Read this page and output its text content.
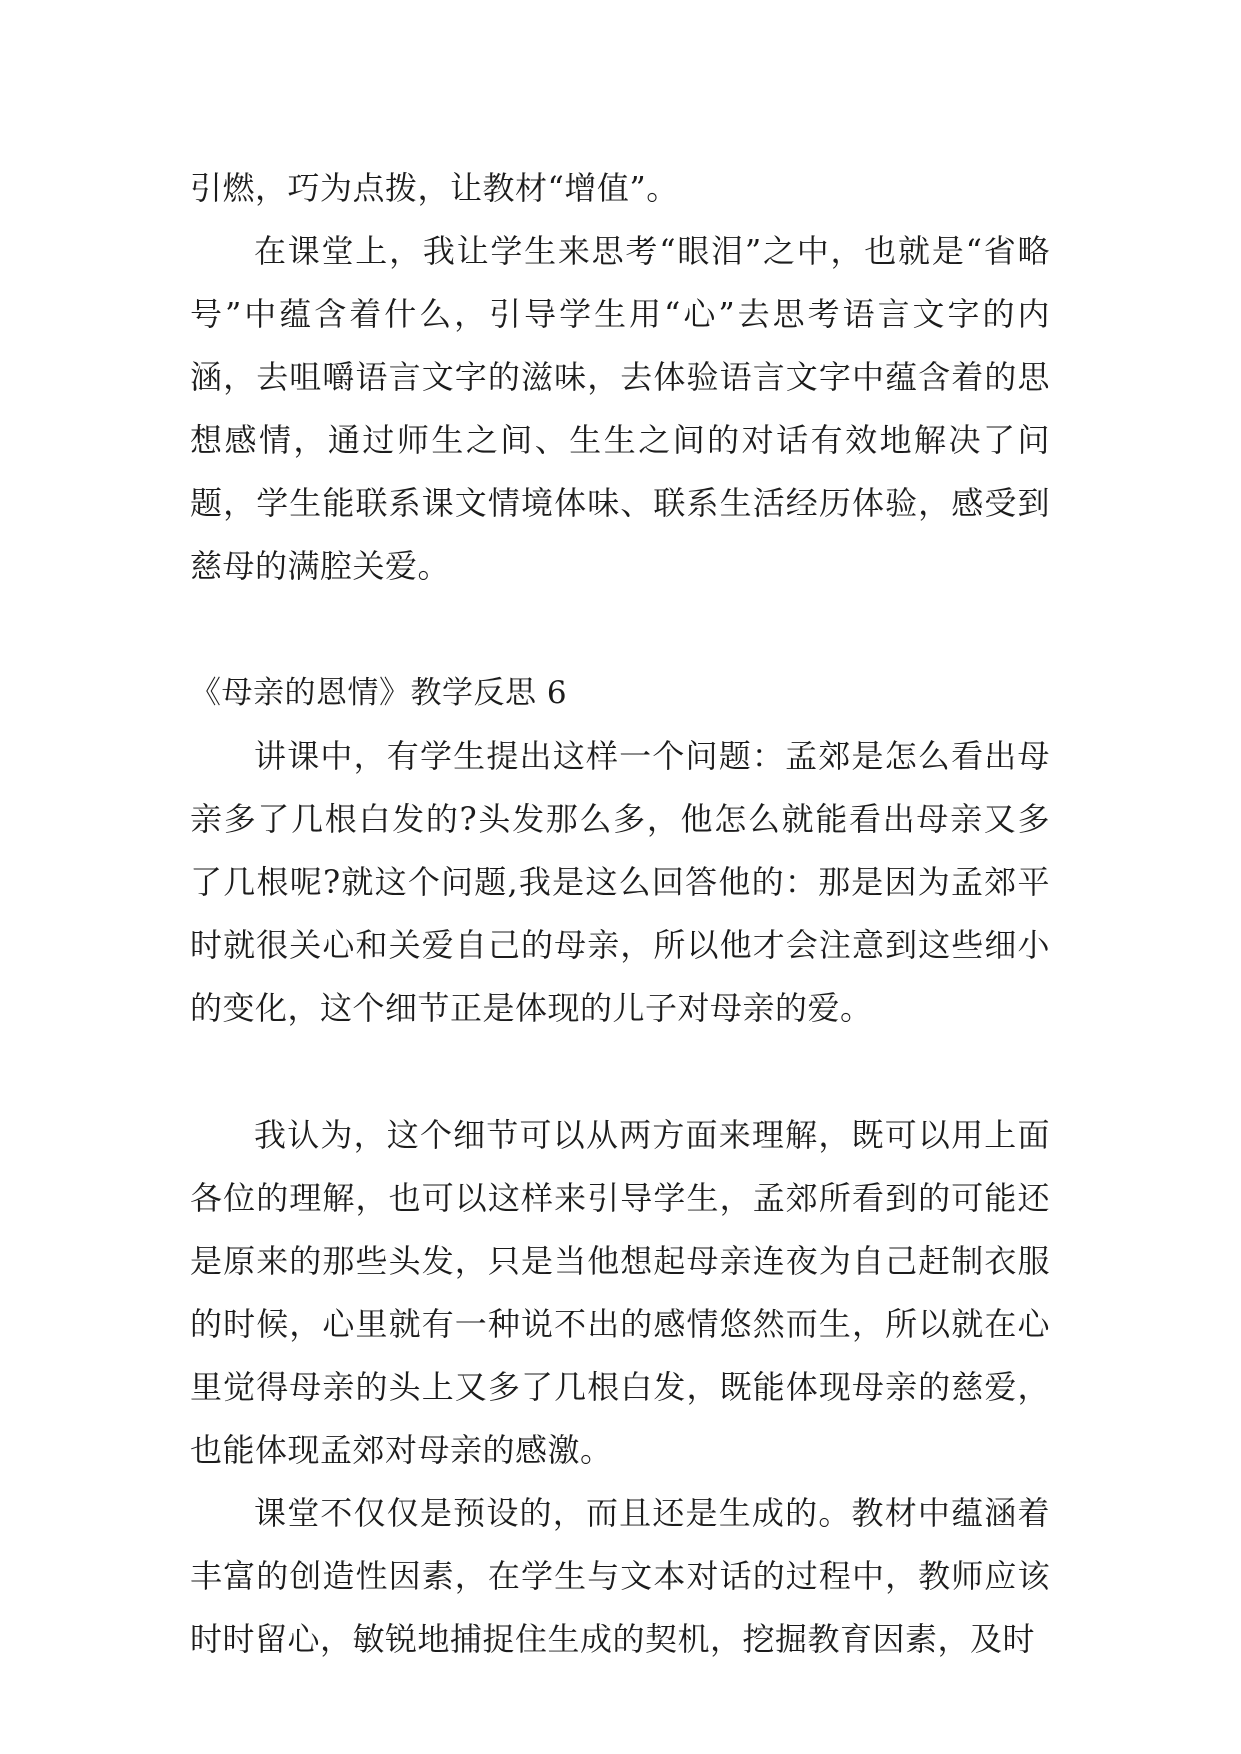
引燃，巧为点拨，让教材“增值”。

在课堂上，我让学生来思考“眼泪”之中，也就是“省略号”中蕴含着什么，引导学生用“心”去思考语言文字的内涵，去咀嚼语言文字的滋味，去体验语言文字中蕴含着的思想感情，通过师生之间、生生之间的对话有效地解决了问题，学生能联系课文情境体味、联系生活经历体验，感受到慈母的满腔关爱。

《母亲的恩情》教学反思 6

讲课中，有学生提出这样一个问题：孟郊是怎么看出母亲多了几根白发的?头发那么多，他怎么就能看出母亲又多了几根呢?就这个问题,我是这么回答他的：那是因为孟郊平时就很关心和关爱自己的母亲，所以他才会注意到这些细小的变化，这个细节正是体现的儿子对母亲的爱。

我认为，这个细节可以从两方面来理解，既可以用上面各位的理解，也可以这样来引导学生，孟郊所看到的可能还是原来的那些头发，只是当他想起母亲连夜为自己赶制衣服的时候，心里就有一种说不出的感情悠然而生，所以就在心里觉得母亲的头上又多了几根白发，既能体现母亲的慈爱，也能体现孟郊对母亲的感激。

课堂不仅仅是预设的，而且还是生成的。教材中蕴涵着丰富的创造性因素，在学生与文本对话的过程中，教师应该时时留心，敏锐地捕捉住生成的契机，挖掘教育因素，及时
